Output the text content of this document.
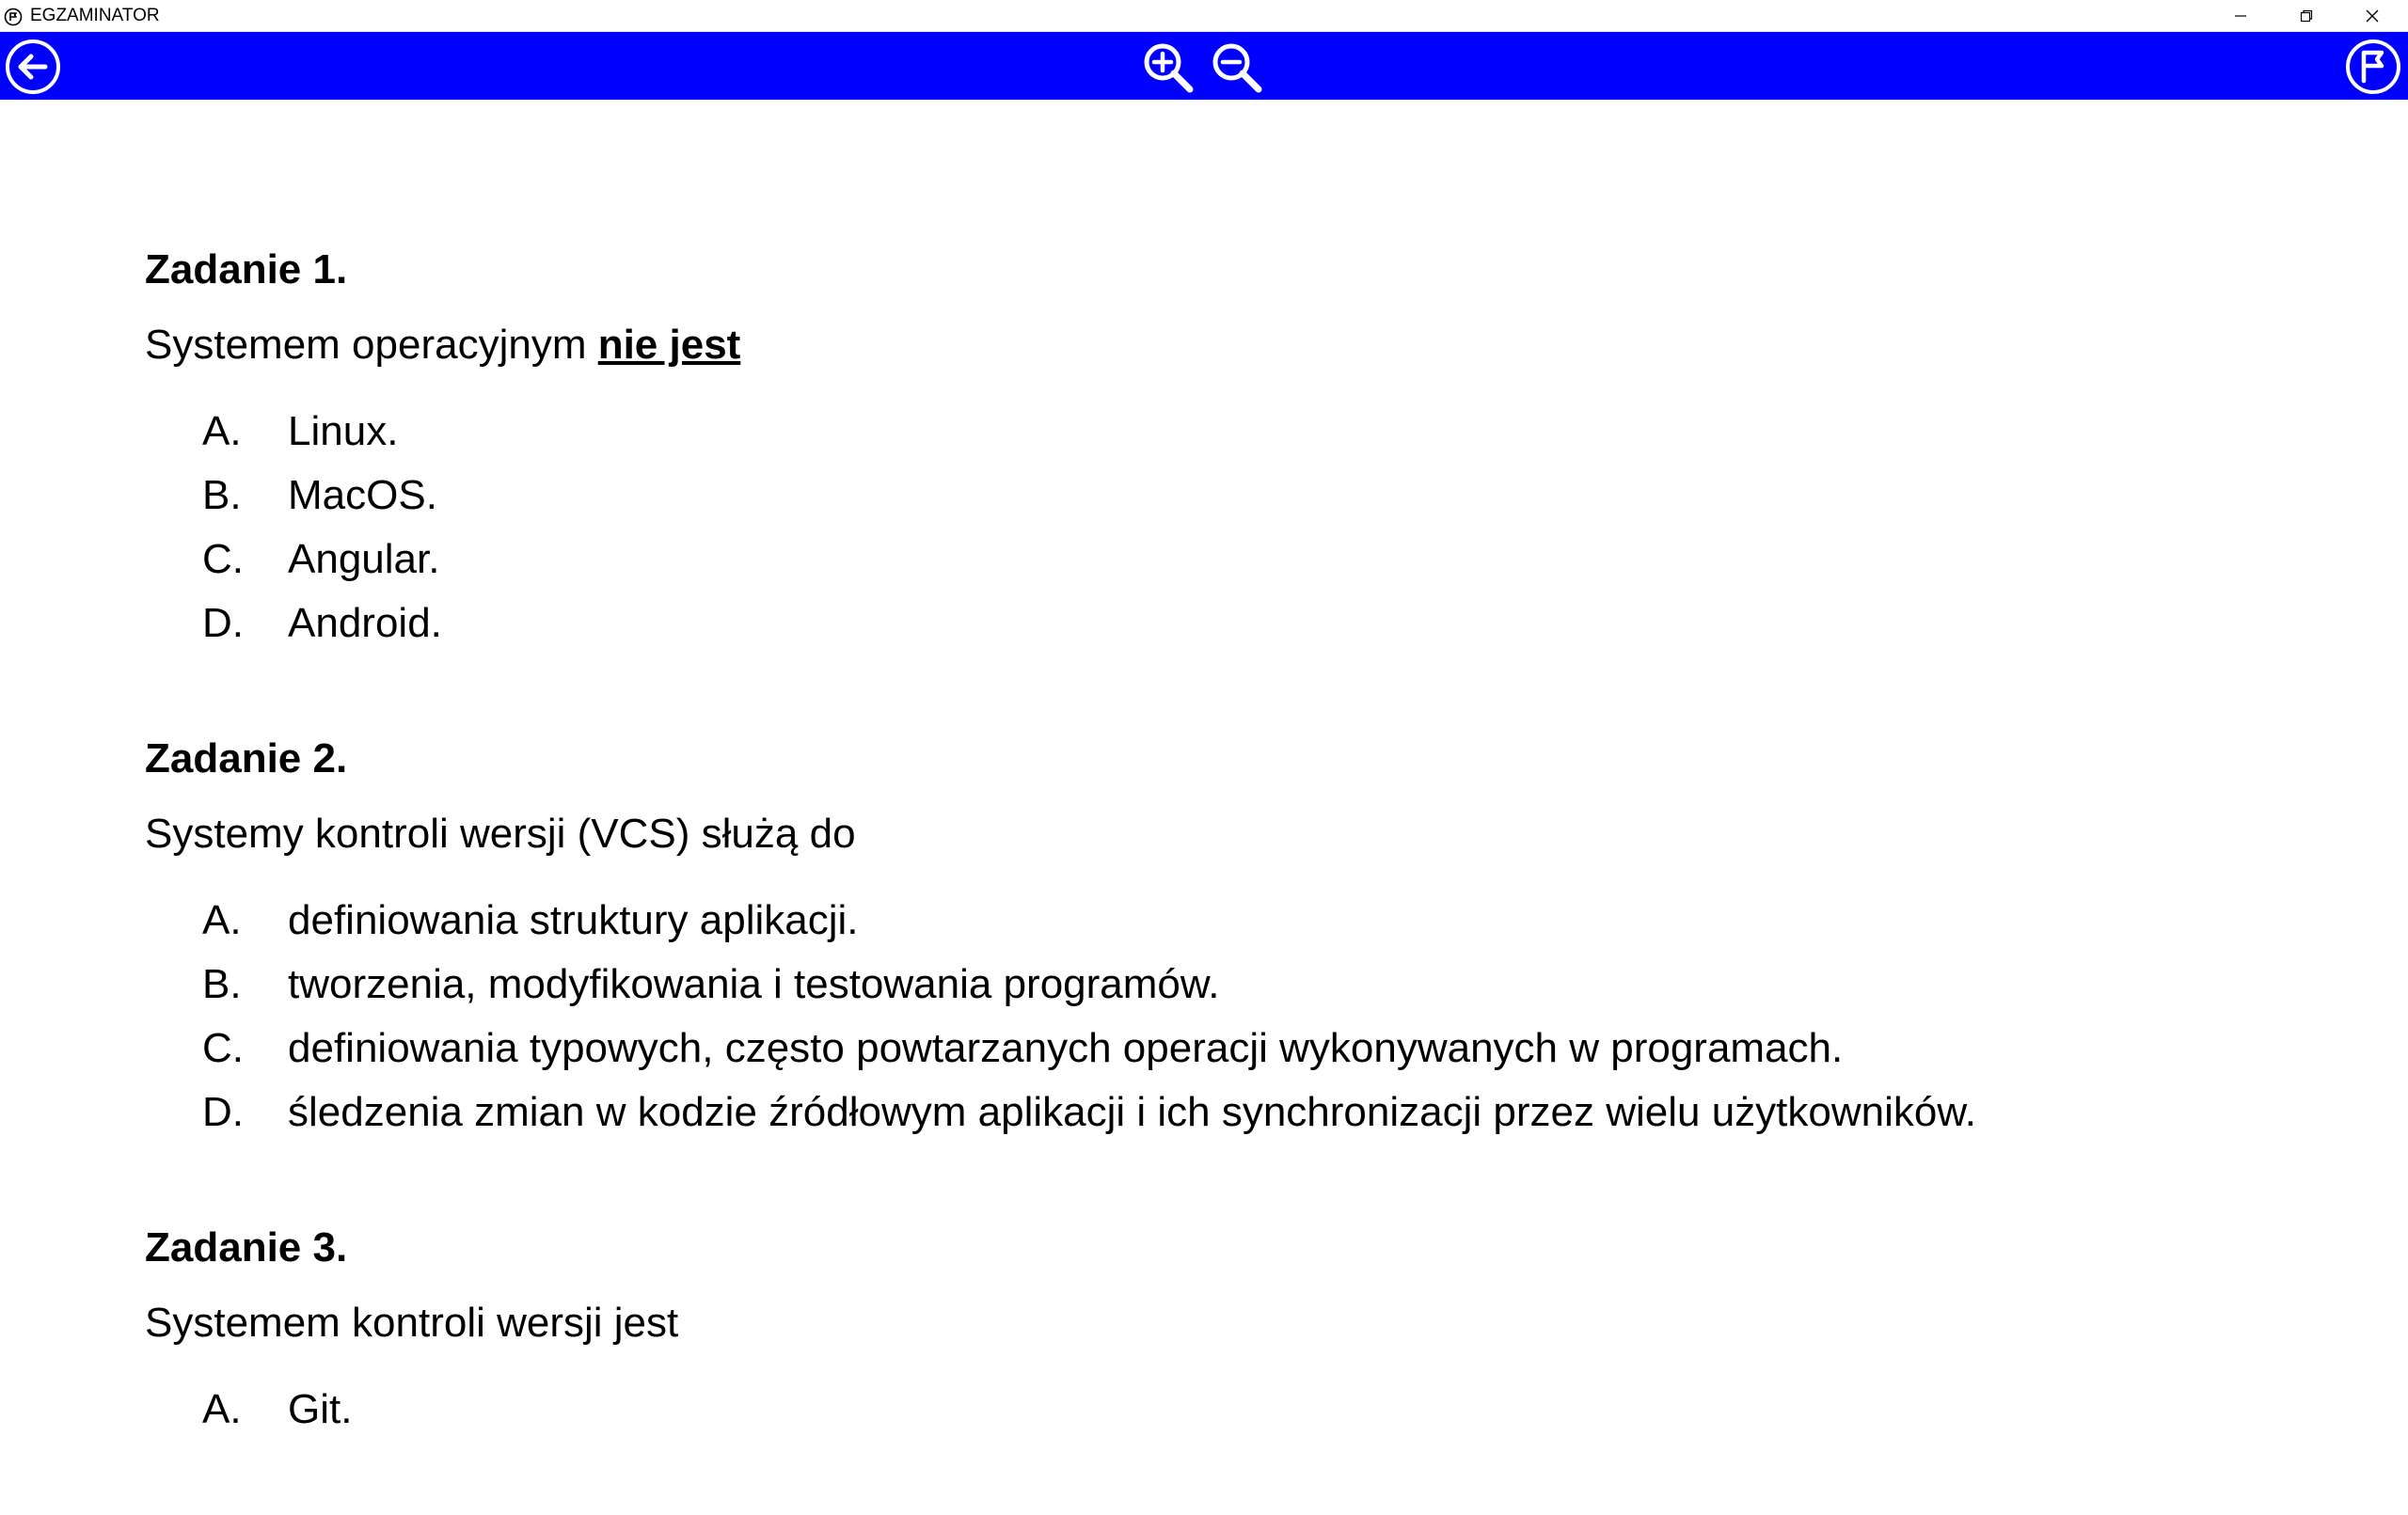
EGZAMINATOR
Zadanie 1.
Systemem operacyjnym nie jest
A. Linux.
B. MacOS.
C. Angular.
D. Android.
Zadanie 2.
Systemy kontroli wersji (VCS) służą do
A. definiowania struktury aplikacji.
B. tworzenia, modyfikowania i testowania programów.
C. definiowania typowych, często powtarzanych operacji wykonywanych w programach.
D. śledzenia zmian w kodzie źródłowym aplikacji i ich synchronizacji przez wielu użytkowników.
Zadanie 3.
Systemem kontroli wersji jest
A. Git.
